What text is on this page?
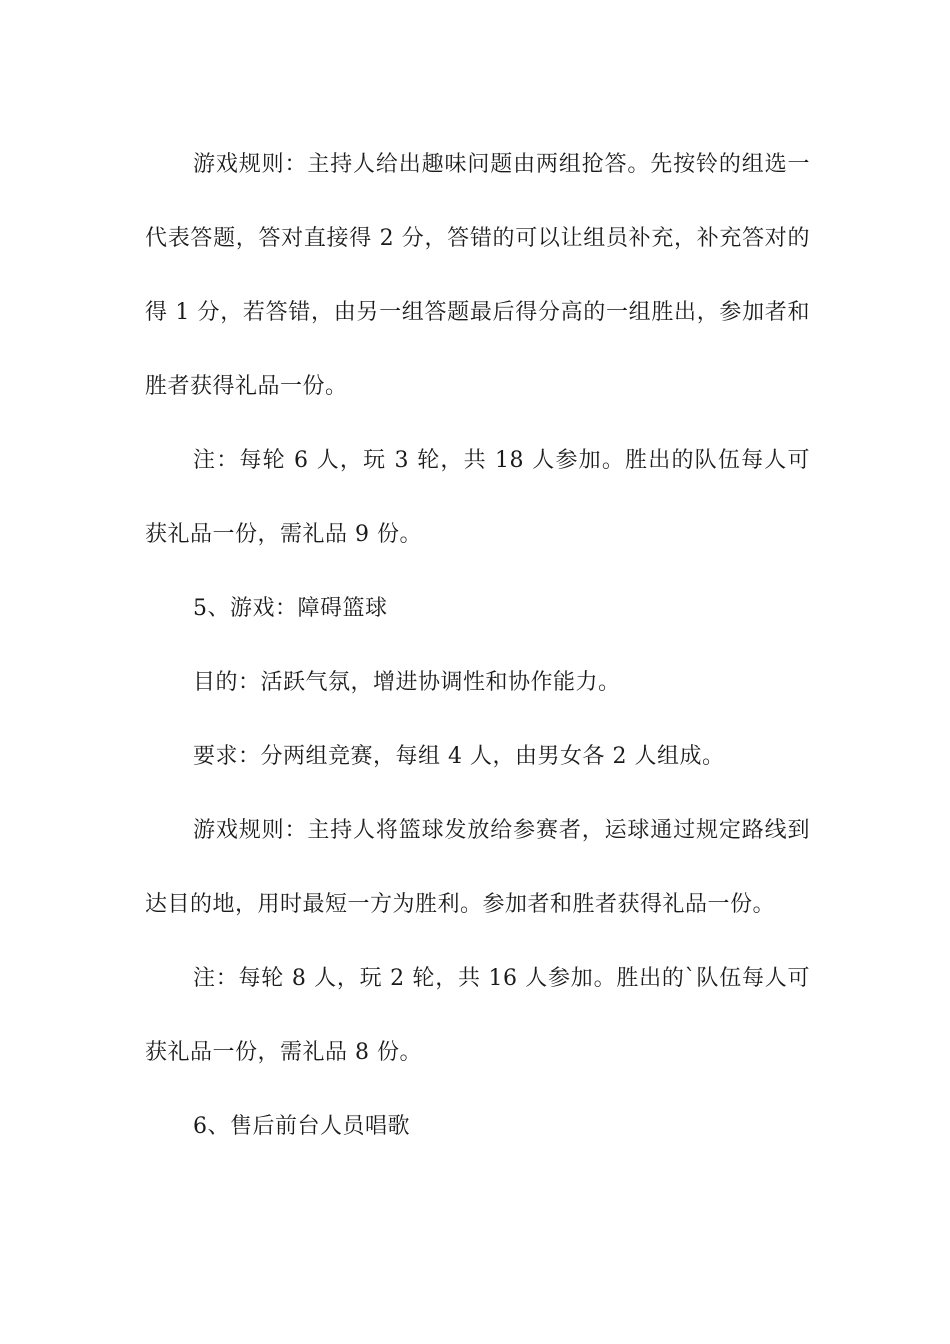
游戏规则：主持人给出趣味问题由两组抢答。先按铃的组选一代表答题，答对直接得 2 分，答错的可以让组员补充，补充答对的得 1 分，若答错，由另一组答题最后得分高的一组胜出，参加者和胜者获得礼品一份。

注：每轮 6 人，玩 3 轮，共 18 人参加。胜出的队伍每人可获礼品一份，需礼品 9 份。

5、游戏：障碍篮球

目的：活跃气氛，增进协调性和协作能力。

要求：分两组竞赛，每组 4 人，由男女各 2 人组成。

游戏规则：主持人将篮球发放给参赛者，运球通过规定路线到达目的地，用时最短一方为胜利。参加者和胜者获得礼品一份。

注：每轮 8 人，玩 2 轮，共 16 人参加。胜出的`队伍每人可获礼品一份，需礼品 8 份。

6、售后前台人员唱歌
